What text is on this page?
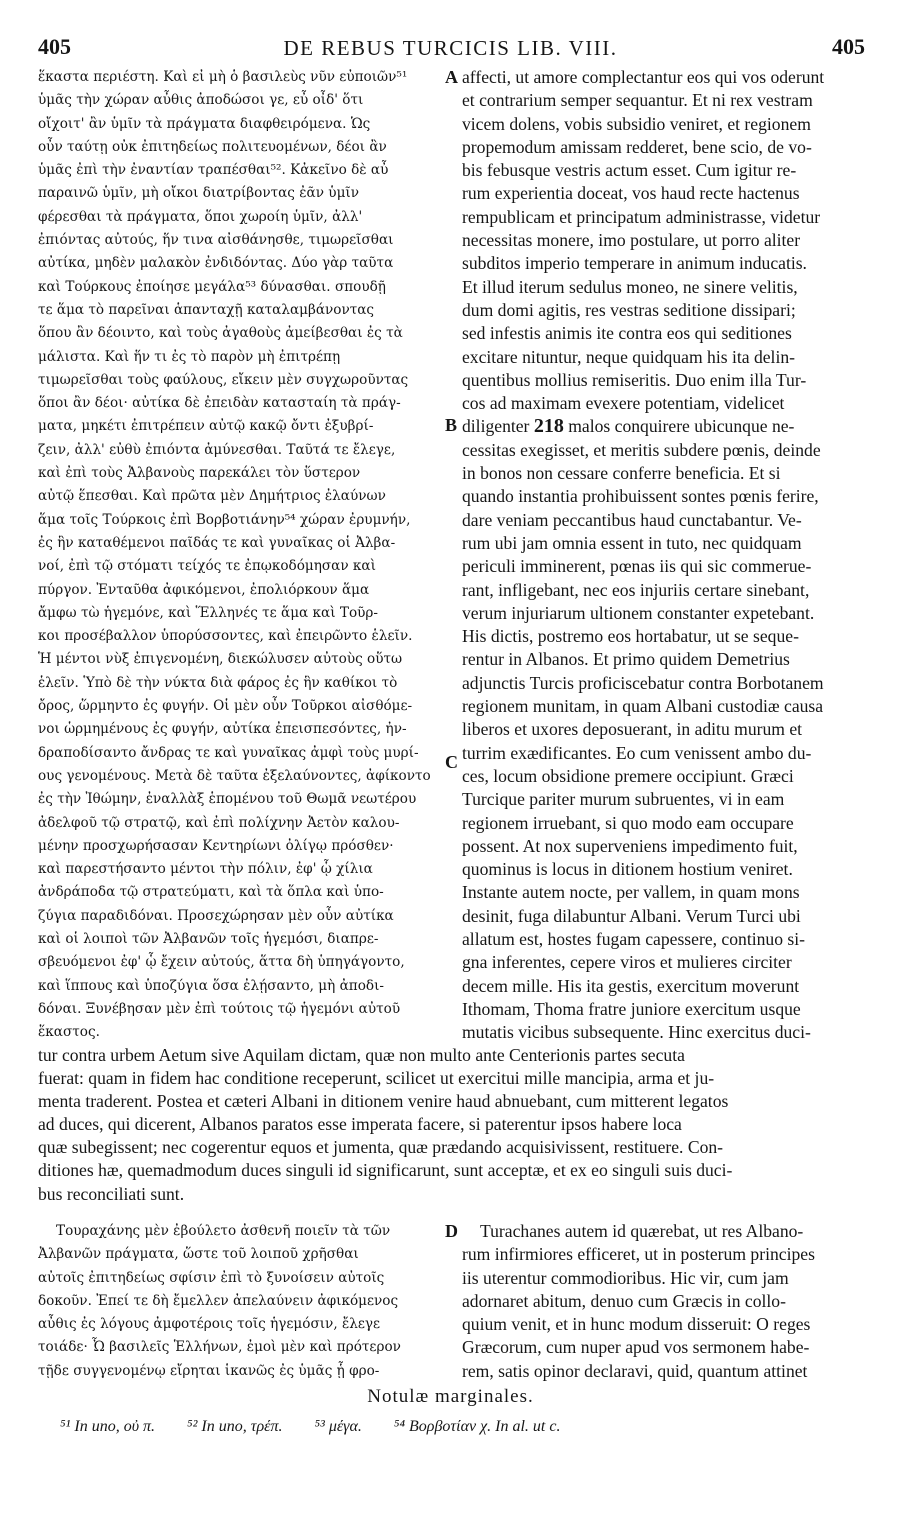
405	DE REBUS TURCICIS LIB. VIII.	405
A
B
C
D
ἕκαστα περιέστη. Καὶ εἰ μὴ ὁ βασιλεὺς νῦν εὐποιῶν⁵¹
ὑμᾶς τὴν χώραν αὖθις ἀποδώσοι γε, εὖ οἶδ' ὅτι
οἴχοιτ' ἂν ὑμῖν τὰ πράγματα διαφθειρόμενα. Ὡς
οὖν ταύτῃ οὐκ ἐπιτηδείως πολιτευομένων, δέοι ἂν
ὑμᾶς ἐπὶ τὴν ἐναντίαν τραπέσθαι⁵². Κἀκεῖνο δὲ αὖ
παραινῶ ὑμῖν, μὴ οἴκοι διατρίβοντας ἐᾶν ὑμῖν
φέρεσθαι τὰ πράγματα, ὅποι χωροίη ὑμῖν, ἀλλ'
ἐπιόντας αὐτούς, ἥν τινα αἰσθάνησθε, τιμωρεῖσθαι
αὐτίκα, μηδὲν μαλακὸν ἐνδιδόντας. Δύο γὰρ ταῦτα
καὶ Τούρκους ἐποίησε μεγάλα⁵³ δύνασθαι. σπουδῇ
τε ἅμα τὸ παρεῖναι ἁπανταχῇ καταλαμβάνοντας
ὅπου ἂν δέοιντο, καὶ τοὺς ἀγαθοὺς ἀμείβεσθαι ἐς τὰ
μάλιστα. Καὶ ἥν τι ἐς τὸ παρὸν μὴ ἐπιτρέπῃ
τιμωρεῖσθαι τοὺς φαύλους, εἴκειν μὲν συγχωροῦντας
ὅποι ἂν δέοι· αὐτίκα δὲ ἐπειδὰν κατασταίη τὰ πράγ-
ματα, μηκέτι ἐπιτρέπειν αὐτῷ κακῷ ὄντι ἐξυβρί-
ζειν, ἀλλ' εὐθὺ ἐπιόντα ἀμύνεσθαι. Ταῦτά τε ἔλεγε,
καὶ ἐπὶ τοὺς Ἀλβανοὺς παρεκάλει τὸν ὕστερον
αὐτῷ ἕπεσθαι. Καὶ πρῶτα μὲν Δημήτριος ἐλαύνων
ἅμα τοῖς Τούρκοις ἐπὶ Βορβοτιάνην⁵⁴ χώραν ἐρυμνήν,
ἐς ἣν καταθέμενοι παῖδάς τε καὶ γυναῖκας οἱ Ἀλβα-
νοί, ἐπὶ τῷ στόματι τείχός τε ἐπῳκοδόμησαν καὶ
πύργον. Ἐνταῦθα ἀφικόμενοι, ἐπολιόρκουν ἅμα
ἄμφω τὼ ἡγεμόνε, καὶ Ἕλληνές τε ἅμα καὶ Τοῦρ-
κοι προσέβαλλον ὑπορύσσοντες, καὶ ἐπειρῶντο ἑλεῖν.
Ἡ μέντοι νὺξ ἐπιγενομένη, διεκώλυσεν αὐτοὺς οὕτω
ἑλεῖν. Ὑπὸ δὲ τὴν νύκτα διὰ φάρος ἐς ἣν καθίκοι τὸ
ὄρος, ὥρμηντο ἐς φυγήν. Οἱ μὲν οὖν Τοῦρκοι αἰσθόμε-
νοι ὡρμημένους ἐς φυγήν, αὐτίκα ἐπεισπεσόντες, ἠν-
δραποδίσαντο ἄνδρας τε καὶ γυναῖκας ἀμφὶ τοὺς μυρί-
ους γενομένους. Μετὰ δὲ ταῦτα ἐξελαύνοντες, ἀφίκοντο
ἐς τὴν Ἰθώμην, ἐναλλὰξ ἑπομένου τοῦ Θωμᾶ νεωτέρου
ἀδελφοῦ τῷ στρατῷ, καὶ ἐπὶ πολίχνην Ἀετὸν καλου-
μένην προσχωρήσασαν Κεντηρίωνι ὀλίγῳ πρόσθεν·
καὶ παρεστήσαντο μέντοι τὴν πόλιν, ἐφ' ᾧ χίλια
ἀνδράποδα τῷ στρατεύματι, καὶ τὰ ὅπλα καὶ ὑπο-
ζύγια παραδιδόναι. Προσεχώρησαν μὲν οὖν αὐτίκα
καὶ οἱ λοιποὶ τῶν Ἀλβανῶν τοῖς ἡγεμόσι, διαπρε-
σβευόμενοι ἐφ' ᾧ ἔχειν αὐτούς, ἅττα δὴ ὑπηγάγοντο,
καὶ ἵππους καὶ ὑποζύγια ὅσα ἐλῄσαντο, μὴ ἀποδι-
δόναι. Ξυνέβησαν μὲν ἐπὶ τούτοις τῷ ἡγεμόνι αὐτοῦ
ἕκαστος.
affecti, ut amore complectantur eos qui vos oderunt
et contrarium semper sequantur. Et ni rex vestram
vicem dolens, vobis subsidio veniret, et regionem
propemodum amissam redderet, bene scio, de vo-
bis febusque vestris actum esset. Cum igitur re-
rum experientia doceat, vos haud recte hactenus
rempublicam et principatum administrasse, videtur
necessitas monere, imo postulare, ut porro aliter
subditos imperio temperare in animum inducatis.
Et illud iterum sedulus moneo, ne sinere velitis,
dum domi agitis, res vestras seditione dissipari;
sed infestis animis ite contra eos qui seditiones
excitare nituntur, neque quidquam his ita delin-
quentibus mollius remiseritis. Duo enim illa Tur-
cos ad maximam evexere potentiam, videlicet
diligenter 218 malos conquirere ubicunque ne-
cessitas exegisset, et meritis subdere pœnis, deinde
in bonos non cessare conferre beneficia. Et si
quando instantia prohibuissent sontes pœnis ferire,
dare veniam peccantibus haud cunctabantur. Ve-
rum ubi jam omnia essent in tuto, nec quidquam
periculi imminerent, pœnas iis qui sic commerue-
rant, infligebant, nec eos injuriis certare sinebant,
verum injuriarum ultionem constanter expetebant.
His dictis, postremo eos hortabatur, ut se seque-
rentur in Albanos. Et primo quidem Demetrius
adjunctis Turcis proficiscebatur contra Borbotanem
regionem munitam, in quam Albani custodiæ causa
liberos et uxores deposuerant, in aditu murum et
turrim exædificantes. Eo cum venissent ambo du-
ces, locum obsidione premere occipiunt. Græci
Turcique pariter murum subruentes, vi in eam
regionem irruebant, si quo modo eam occupare
possent. At nox superveniens impedimento fuit,
quominus is locus in ditionem hostium veniret.
Instante autem nocte, per vallem, in quam mons
desinit, fuga dilabuntur Albani. Verum Turci ubi
allatum est, hostes fugam capessere, continuo si-
gna inferentes, cepere viros et mulieres circiter
decem mille. His ita gestis, exercitum moverunt
Ithomam, Thoma fratre juniore exercitum usque
mutatis vicibus subsequente. Hinc exercitus duci-
tur contra urbem Aetum sive Aquilam dictam, quæ non multo ante Centerionis partes secuta
fuerat: quam in fidem hac conditione receperunt, scilicet ut exercitui mille mancipia, arma et ju-
menta traderent. Postea et cæteri Albani in ditionem venire haud abnuebant, cum mitterent legatos
ad duces, qui dicerent, Albanos paratos esse imperata facere, si paterentur ipsos habere loca
quæ subegissent; nec cogerentur equos et jumenta, quæ prædando acquisivissent, restituere. Con-
ditiones hæ, quemadmodum duces singuli id significarunt, sunt acceptæ, et ex eo singuli suis duci-
bus reconciliati sunt.
Τουραχάνης μὲν ἐβούλετο ἀσθενῆ ποιεῖν τὰ τῶν
Ἀλβανῶν πράγματα, ὥστε τοῦ λοιποῦ χρῆσθαι
αὐτοῖς ἐπιτηδείως σφίσιν ἐπὶ τὸ ξυνοίσειν αὐτοῖς
δοκοῦν. Ἐπεί τε δὴ ἔμελλεν ἀπελαύνειν ἀφικόμενος
αὖθις ἐς λόγους ἀμφοτέροις τοῖς ἡγεμόσιν, ἔλεγε
τοιάδε· Ὦ βασιλεῖς Ἑλλήνων, ἐμοὶ μὲν καὶ πρότερον
τῇδε συγγενομένῳ εἴρηται ἱκανῶς ἐς ὑμᾶς ᾗ φρο-
Turachanes autem id quærebat, ut res Albano-
rum infirmiores efficeret, ut in posterum principes
iis uterentur commodioribus. Hic vir, cum jam
adornaret abitum, denuo cum Græcis in collo-
quium venit, et in hunc modum disseruit: O reges
Græcorum, cum nuper apud vos sermonem habe-
rem, satis opinor declaravi, quid, quantum attinet
Notulæ marginales.
⁵¹ In uno, οὐ π. ⁵² In uno, τρέπ. ⁵³ μέγα. ⁵⁴ Βορβοτίαν χ. In al. ut c.
